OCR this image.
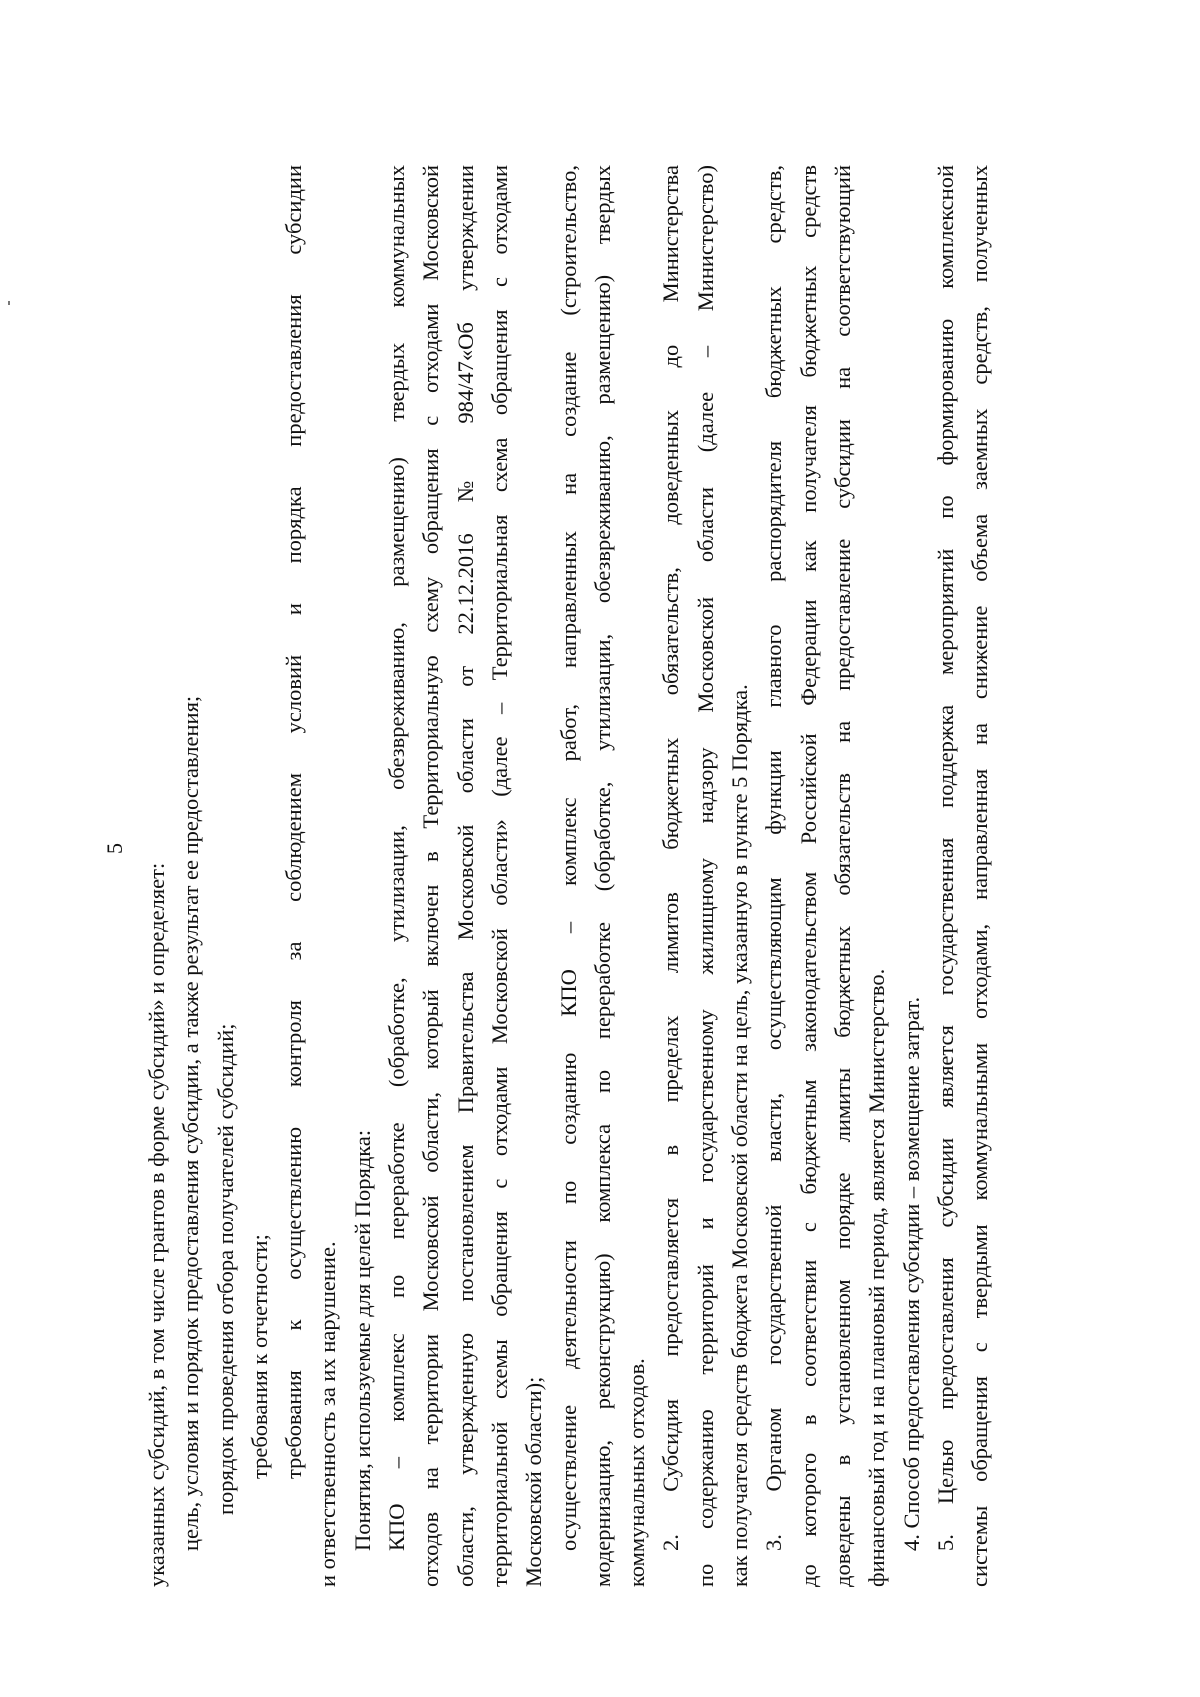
5
указанных субсидий, в том числе грантов в форме субсидий» и определяет: цель, условия и порядок предоставления субсидии, а также результат ее предоставления; порядок проведения отбора получателей субсидий; требования к отчетности; требования к осуществлению контроля за соблюдением условий и порядка предоставления субсидии и ответственность за их нарушение. Понятия, используемые для целей Порядка: КПО – комплекс по переработке (обработке, утилизации, обезвреживанию, размещению) твердых коммунальных отходов на территории Московской области, который включен в Территориальную схему обращения с отходами Московской области, утвержденную постановлением Правительства Московской области от 22.12.2016 № 984/47«Об утверждении территориальной схемы обращения с отходами Московской области» (далее – Территориальная схема обращения с отходами Московской области); осуществление деятельности по созданию КПО – комплекс работ, направленных на создание (строительство, модернизацию, реконструкцию) комплекса по переработке (обработке, утилизации, обезвреживанию, размещению) твердых коммунальных отходов. 2. Субсидия предоставляется в пределах лимитов бюджетных обязательств, доведенных до Министерства по содержанию территорий и государственному жилищному надзору Московской области (далее – Министерство) как получателя средств бюджета Московской области на цель, указанную в пункте 5 Порядка. 3. Органом государственной власти, осуществляющим функции главного распорядителя бюджетных средств, до которого в соответствии с бюджетным законодательством Российской Федерации как получателя бюджетных средств доведены в установленном порядке лимиты бюджетных обязательств на предоставление субсидии на соответствующий финансовый год и на плановый период, является Министерство. 4. Способ предоставления субсидии – возмещение затрат. 5. Целью предоставления субсидии является государственная поддержка мероприятий по формированию комплексной системы обращения с твердыми коммунальными отходами, направленная на снижение объема заемных средств, полученных
